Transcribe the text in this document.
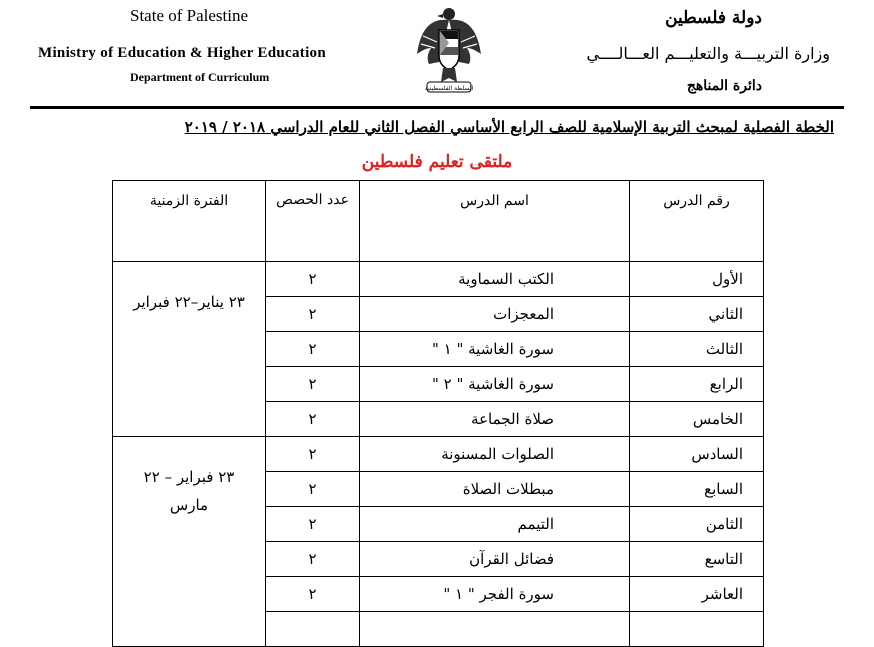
State of Palestine
Ministry of Education & Higher Education
Department of Curriculum
السلطة الفلسطينية
دولة فلسطين
وزارة التربيـــة والتعليـــم العـــالــــي
دائرة المناهج
الخطة الفصلية لمبحث التربية الإسلامية للصف الرابع الأساسي الفصل الثاني للعام الدراسي ٢٠١٨ / ٢٠١٩
ملتقى تعليم فلسطين
رقم الدرس	اسم الدرس	عدد الحصص	الفترة الزمنية
الأول	الكتب السماوية	٢	٢٣ يناير–٢٢ فبراير
الثاني	المعجزات	٢	
الثالث	سورة الغاشية " ١ "	٢	
الرابع	سورة الغاشية " ٢ "	٢	
الخامس	صلاة الجماعة	٢	
السادس	الصلوات المسنونة	٢	٢٣ فبراير – ٢٢ مارس
السابع	مبطلات الصلاة	٢	
الثامن	التيمم	٢	
التاسع	فضائل القرآن	٢	
العاشر	سورة الفجر " ١ "	٢	
